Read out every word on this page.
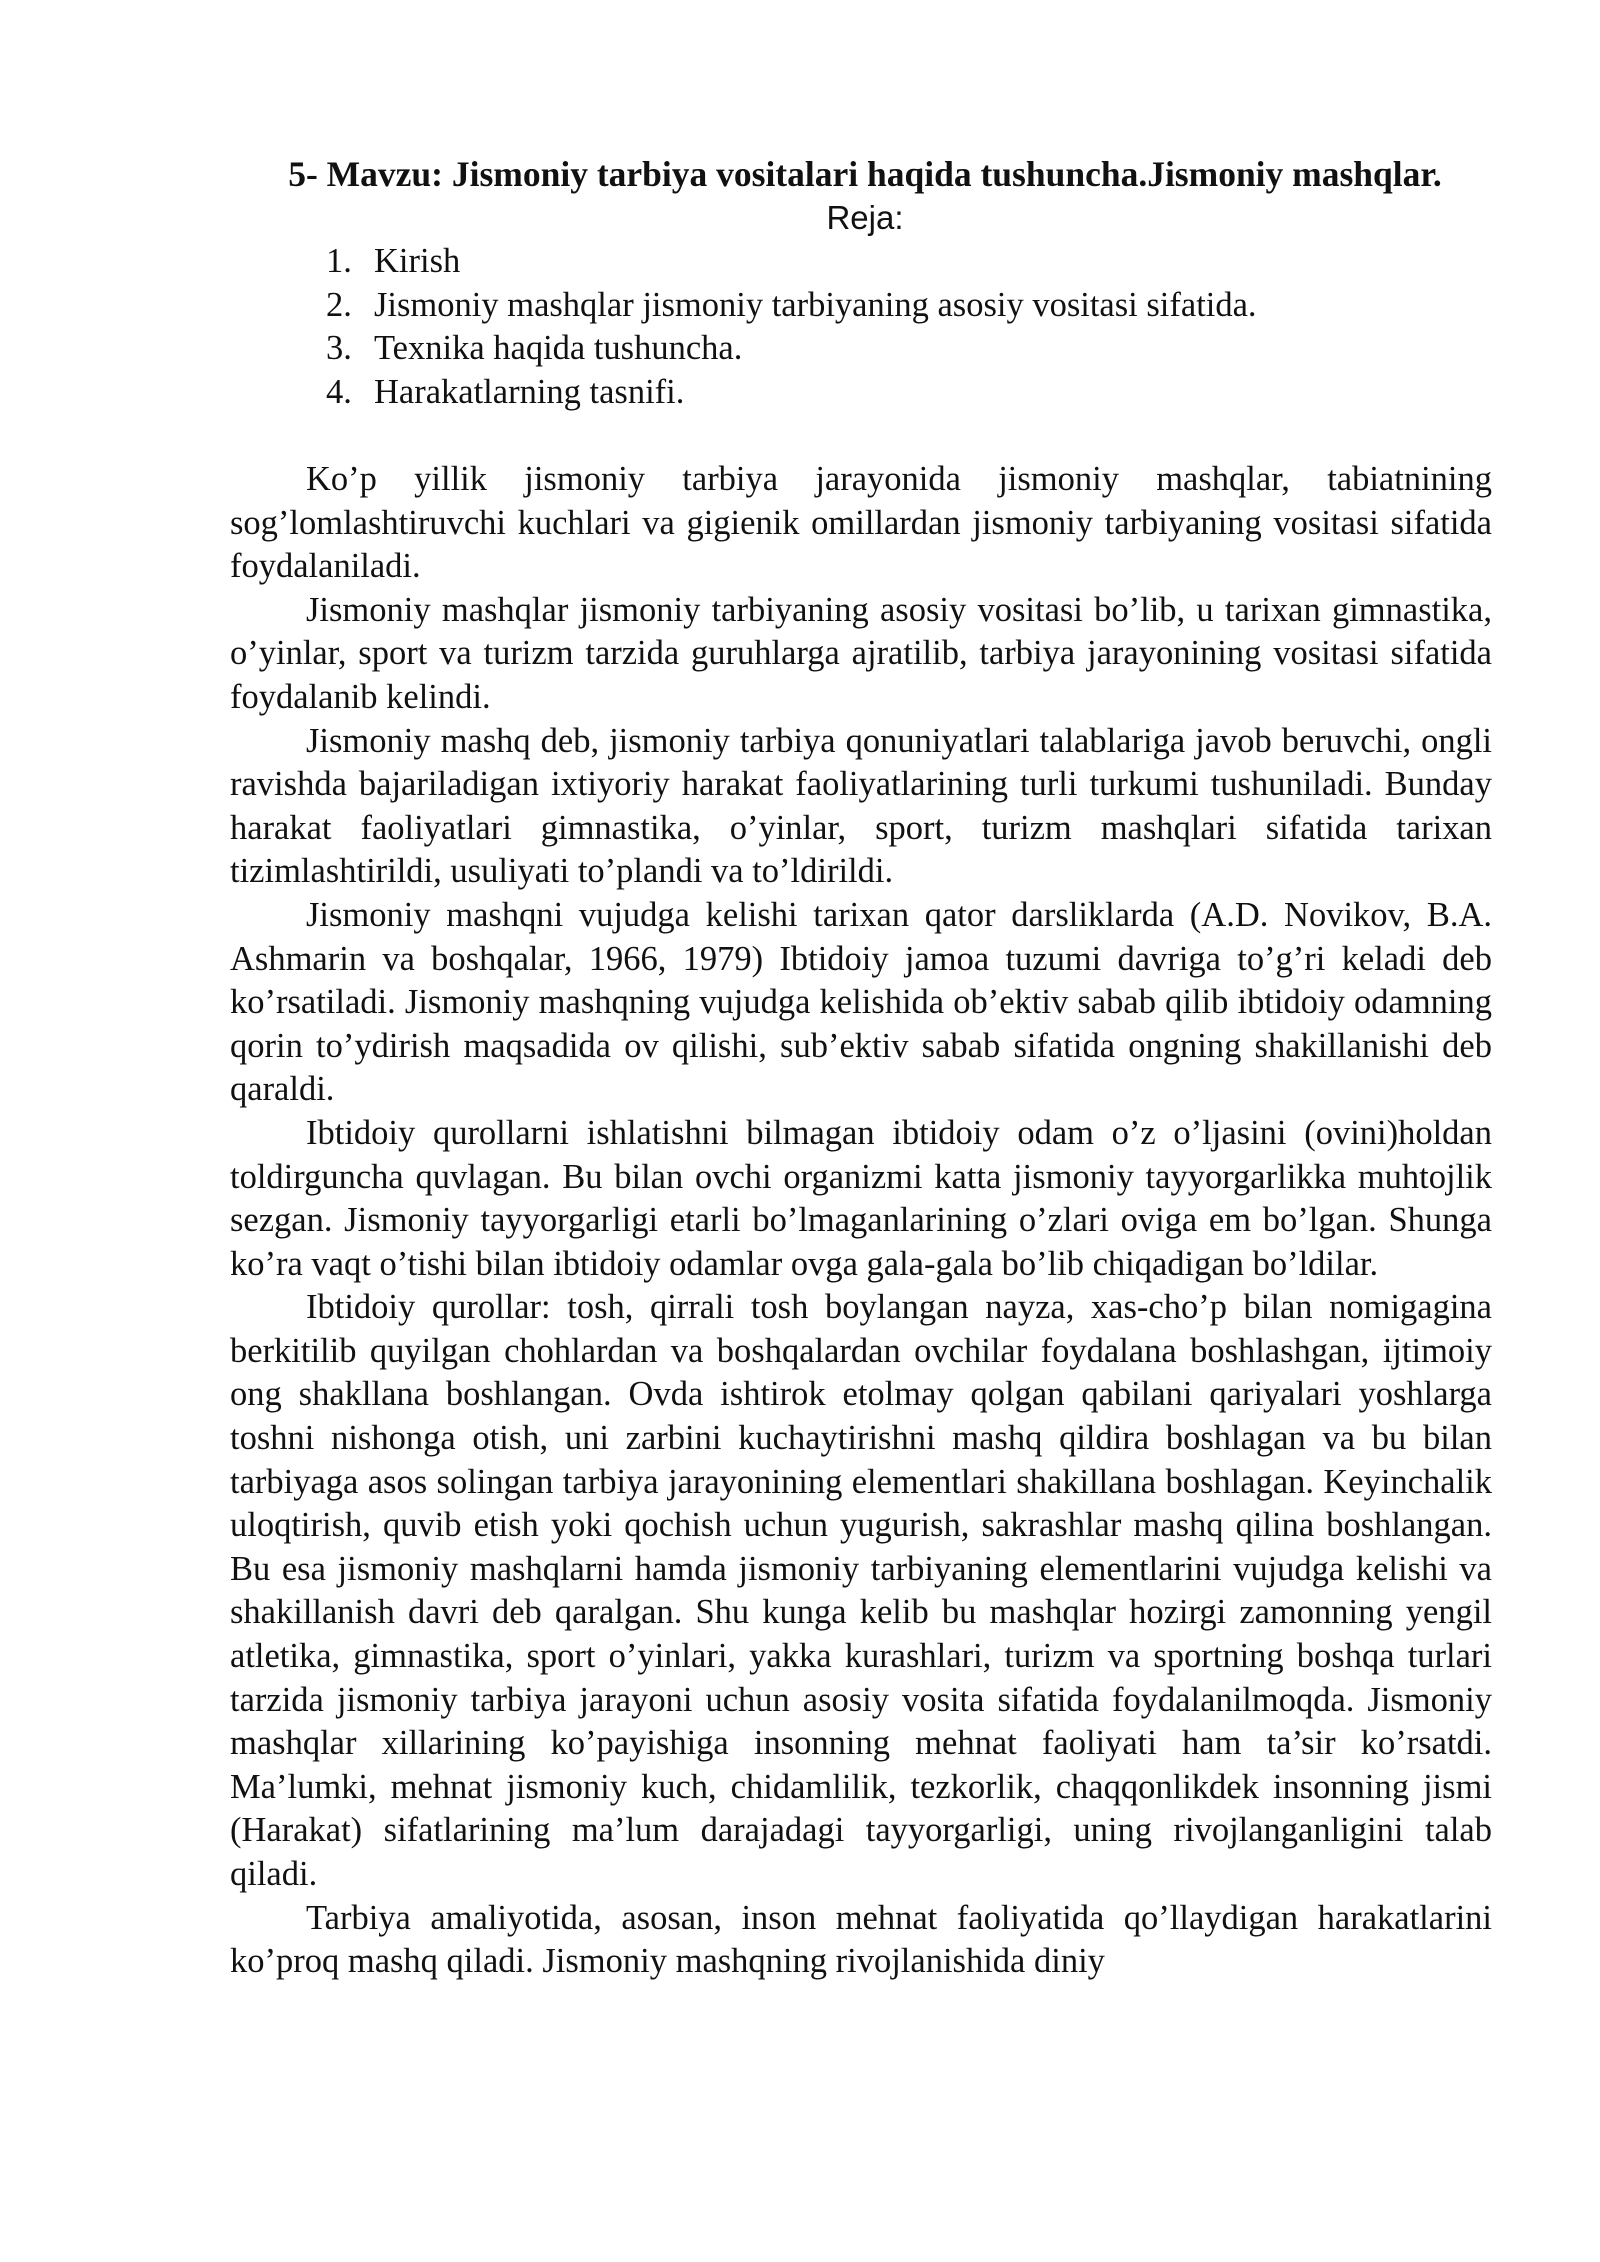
5- Mavzu: Jismoniy tarbiya vositalari haqida tushuncha.Jismoniy mashqlar.
Reja:
1. Kirish
2. Jismoniy mashqlar jismoniy tarbiyaning asosiy vositasi sifatida.
3. Texnika haqida tushuncha.
4. Harakatlarning tasnifi.

Ko’p yillik jismoniy tarbiya jarayonida jismoniy mashqlar, tabiatnining sog’lomlashtiruvchi kuchlari va gigienik omillardan jismoniy tarbiyaning vositasi sifatida foydalaniladi.

Jismoniy mashqlar jismoniy tarbiyaning asosiy vositasi bo’lib, u tarixan gimnastika, o’yinlar, sport va turizm tarzida guruhlarga ajratilib, tarbiya jarayonining vositasi sifatida foydalanib kelindi.

Jismoniy mashq deb, jismoniy tarbiya qonuniyatlari talablariga javob beruvchi, ongli ravishda bajariladigan ixtiyoriy harakat faoliyatlarining turli turkumi tushuniladi. Bunday harakat faoliyatlari gimnastika, o’yinlar, sport, turizm mashqlari sifatida tarixan tizimlashtirildi, usuliyati to’plandi va to’ldirildi.

Jismoniy mashqni vujudga kelishi tarixan qator darsliklarda (A.D. Novikov, B.A. Ashmarin va boshqalar, 1966, 1979) Ibtidoiy jamoa tuzumi davriga to’g’ri keladi deb ko’rsatiladi. Jismoniy mashqning vujudga kelishida ob’ektiv sabab qilib ibtidoiy odamning qorin to’ydirish maqsadida ov qilishi, sub’ektiv sabab sifatida ongning shakillanishi deb qaraldi.

Ibtidoiy qurollarni ishlatishni bilmagan ibtidoiy odam o’z o’ljasini (ovini)holdan toldirguncha quvlagan. Bu bilan ovchi organizmi katta jismoniy tayyorgarlikka muhtojlik sezgan. Jismoniy tayyorgarligi etarli bo’lmaganlarining o’zlari oviga em bo’lgan. Shunga ko’ra vaqt o’tishi bilan ibtidoiy odamlar ovga gala-gala bo’lib chiqadigan bo’ldilar.

Ibtidoiy qurollar: tosh, qirrali tosh boylangan nayza, xas-cho’p bilan nomigagina berkitilib quyilgan chohlardan va boshqalardan ovchilar foydalana boshlashgan, ijtimoiy ong shakllana boshlangan. Ovda ishtirok etolmay qolgan qabilani qariyalari yoshlarga toshni nishonga otish, uni zarbini kuchaytirishni mashq qildira boshlagan va bu bilan tarbiyaga asos solingan tarbiya jarayonining elementlari shakillana boshlagan. Keyinchalik uloqtirish, quvib etish yoki qochish uchun yugurish, sakrashlar mashq qilina boshlangan. Bu esa jismoniy mashqlarni hamda jismoniy tarbiyaning elementlarini vujudga kelishi va shakillanish davri deb qaralgan. Shu kunga kelib bu mashqlar hozirgi zamonning yengil atletika, gimnastika, sport o’yinlari, yakka kurashlari, turizm va sportning boshqa turlari tarzida jismoniy tarbiya jarayoni uchun asosiy vosita sifatida foydalanilmoqda. Jismoniy mashqlar xillarining ko’payishiga insonning mehnat faoliyati ham ta’sir ko’rsatdi. Ma’lumki, mehnat jismoniy kuch, chidamlilik, tezkorlik, chaqqonlikdek insonning jismi (Harakat) sifatlarining ma’lum darajadagi tayyorgarligi, uning rivojlanganligini talab qiladi.

Tarbiya amaliyotida, asosan, inson mehnat faoliyatida qo’llaydigan harakatlarini ko’proq mashq qiladi. Jismoniy mashqning rivojlanishida diniy
